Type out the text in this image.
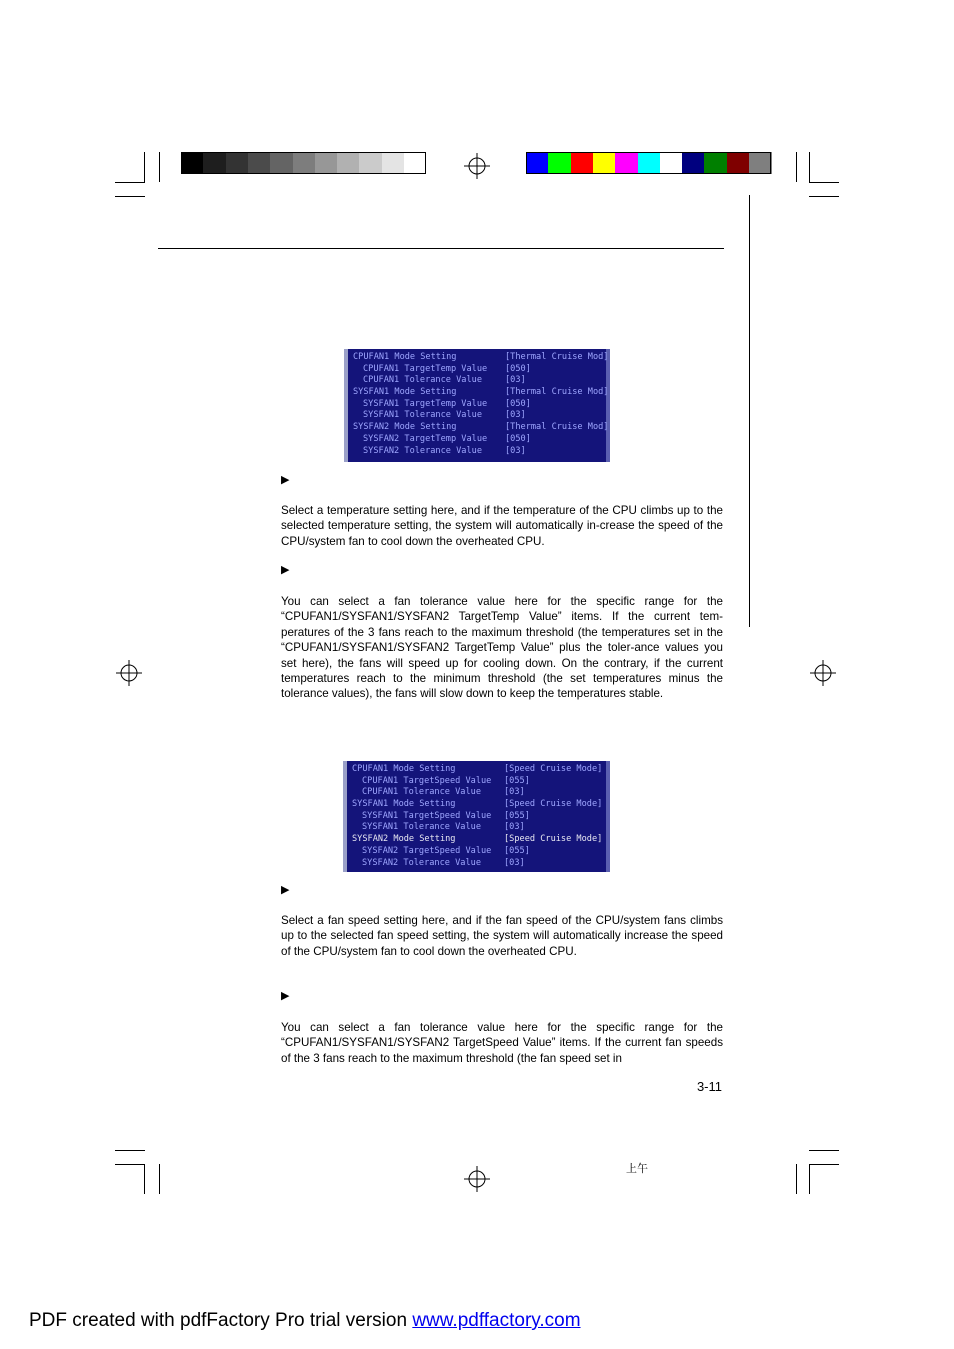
CPUFAN1 Mode Setting	[Thermal Cruise Mod]
CPUFAN1 TargetTemp Value [050]
CPUFAN1 Tolerance Value	[03]
SYSFAN1 Mode Setting	[Thermal Cruise Mod]
SYSFAN1 TargetTemp Value [050]
SYSFAN1 Tolerance Value	[03]
SYSFAN2 Mode Setting	[Thermal Cruise Mod]
SYSFAN2 TargetTemp Value [050]
SYSFAN2 Tolerance Value	[03]
▶
Select a temperature setting here, and if the temperature of the CPU climbs up to the selected temperature setting, the system will automatically in-crease the speed of the CPU/system fan to cool down the overheated CPU.
▶
You can select a fan tolerance value here for the specific range for the “CPUFAN1/SYSFAN1/SYSFAN2 TargetTemp Value” items. If the current tem-peratures of the 3 fans reach to the maximum threshold (the temperatures set in the “CPUFAN1/SYSFAN1/SYSFAN2 TargetTemp Value” plus the toler-ance values you set here), the fans will speed up for cooling down. On the contrary, if the current temperatures reach to the minimum threshold (the set temperatures minus the tolerance values), the fans will slow down to keep the temperatures stable.
CPUFAN1 Mode Setting	[Speed Cruise Mode]
CPUFAN1 TargetSpeed Value [055]
CPUFAN1 Tolerance Value	[03]
SYSFAN1 Mode Setting	[Speed Cruise Mode]
SYSFAN1 TargetSpeed Value [055]
SYSFAN1 Tolerance Value	[03]
SYSFAN2 Mode Setting	[Speed Cruise Mode]
SYSFAN2 TargetSpeed Value [055]
SYSFAN2 Tolerance Value	[03]
▶
Select a fan speed setting here, and if the fan speed of the CPU/system fans climbs up to the selected fan speed setting, the system will automatically increase the speed of the CPU/system fan to cool down the overheated CPU.
▶
You can select a fan tolerance value here for the specific range for the “CPUFAN1/SYSFAN1/SYSFAN2 TargetSpeed Value” items. If the current fan speeds of the 3 fans reach to the maximum threshold (the fan speed set in
3-11
上午
PDF created with pdfFactory Pro trial version www.pdffactory.com
